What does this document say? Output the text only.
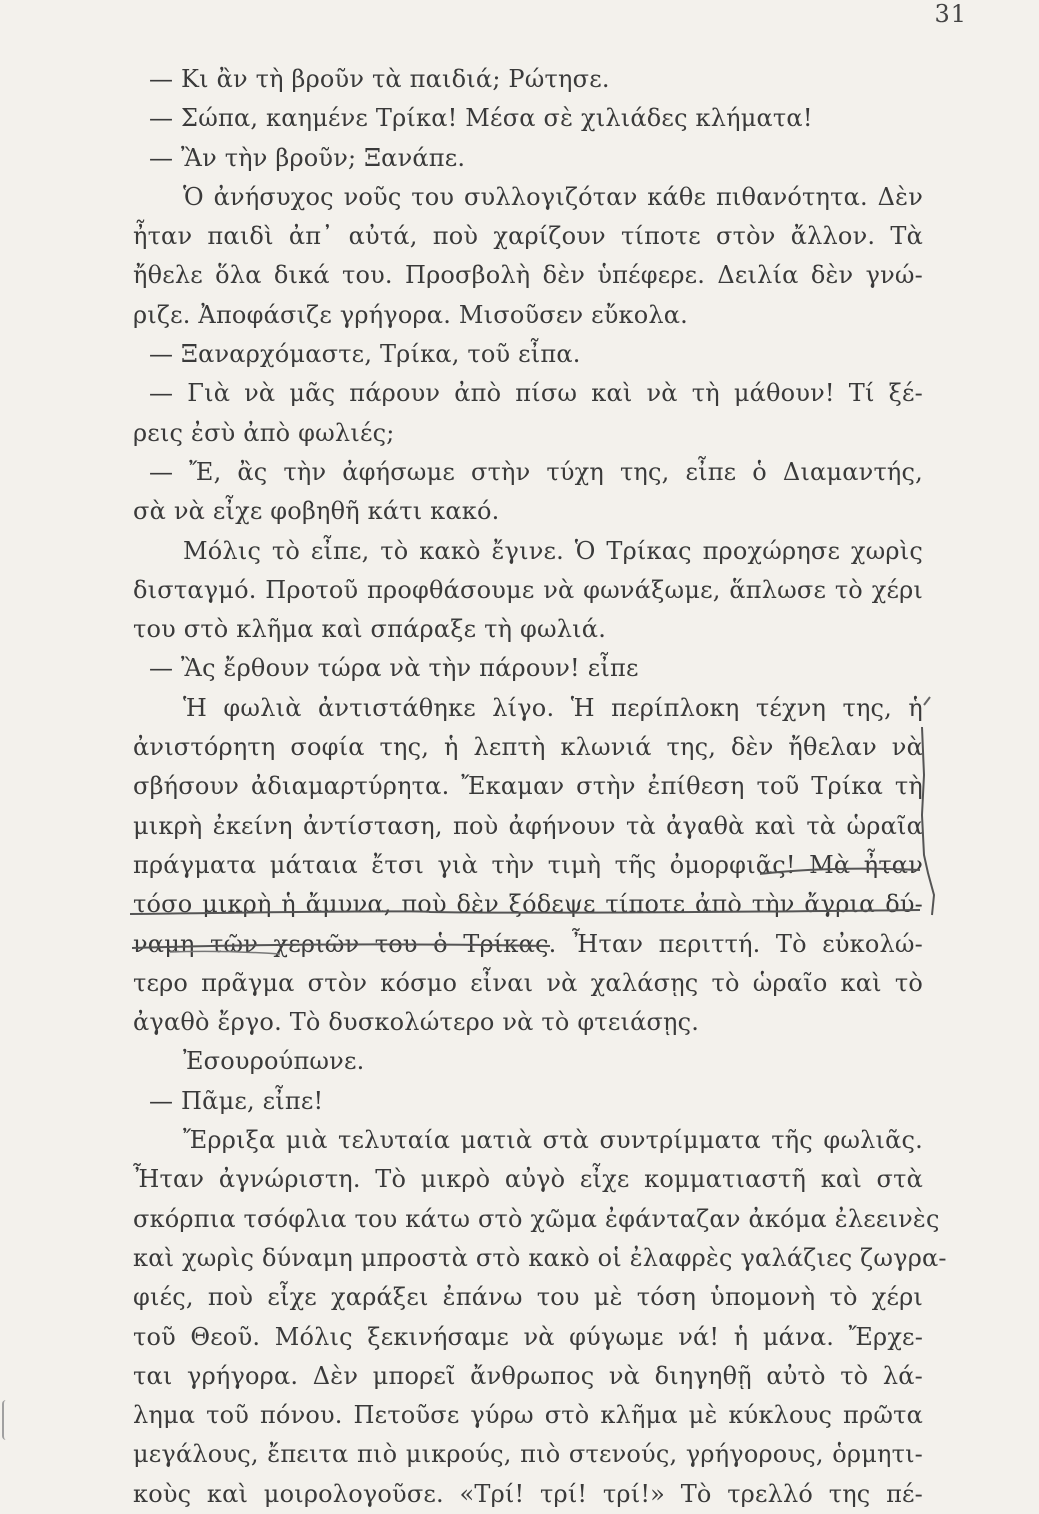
31
— Κι ἂν τὴ βροῦν τὰ παιδιά; Ρώτησε.
— Σώπα, καημένε Τρίκα! Μέσα σὲ χιλιάδες κλήματα!
— Ἂν τὴν βροῦν; Ξανάπε.
Ὁ ἀνήσυχος νοῦς του συλλογιζόταν κάθε πιθανότητα. Δὲν
ἦταν παιδὶ ἀπ᾽ αὐτά, ποὺ χαρίζουν τίποτε στὸν ἄλλον. Τὰ
ἤθελε ὅλα δικά του. Προσβολὴ δὲν ὑπέφερε. Δειλία δὲν γνώ-
ριζε. Ἀποφάσιζε γρήγορα. Μισοῦσεν εὔκολα.
— Ξαναρχόμαστε, Τρίκα, τοῦ εἶπα.
— Γιὰ νὰ μᾶς πάρουν ἀπὸ πίσω καὶ νὰ τὴ μάθουν! Τί ξέ-
ρεις ἐσὺ ἀπὸ φωλιές;
— Ἔ, ἂς τὴν ἀφήσωμε στὴν τύχη της, εἶπε ὁ Διαμαντής,
σὰ νὰ εἶχε φοβηθῆ κάτι κακό.
Μόλις τὸ εἶπε, τὸ κακὸ ἔγινε. Ὁ Τρίκας προχώρησε χωρὶς
δισταγμό. Προτοῦ προφθάσουμε νὰ φωνάξωμε, ἅπλωσε τὸ χέρι
του στὸ κλῆμα καὶ σπάραξε τὴ φωλιά.
— Ἂς ἔρθουν τώρα νὰ τὴν πάρουν! εἶπε
Ἡ φωλιὰ ἀντιστάθηκε λίγο. Ἡ περίπλοκη τέχνη της, ἡ
ἀνιστόρητη σοφία της, ἡ λεπτὴ κλωνιά της, δὲν ἤθελαν νὰ
σβήσουν ἀδιαμαρτύρητα. Ἔκαμαν στὴν ἐπίθεση τοῦ Τρίκα τὴ
μικρὴ ἐκείνη ἀντίσταση, ποὺ ἀφήνουν τὰ ἀγαθὰ καὶ τὰ ὡραῖα
πράγματα μάταια ἔτσι γιὰ τὴν τιμὴ τῆς ὀμορφιᾶς! Μὰ ἦταν
τόσο μικρὴ ἡ ἄμυνα, ποὺ δὲν ξόδεψε τίποτε ἀπὸ τὴν ἄγρια δύ-
ναμη τῶν χεριῶν του ὁ Τρίκας. Ἦταν περιττή. Τὸ εὐκολώ-
τερο πρᾶγμα στὸν κόσμο εἶναι νὰ χαλάσῃς τὸ ὡραῖο καὶ τὸ
ἀγαθὸ ἔργο. Τὸ δυσκολώτερο νὰ τὸ φτειάσῃς.
Ἐσουρούπωνε.
— Πᾶμε, εἶπε!
Ἔρριξα μιὰ τελυταία ματιὰ στὰ συντρίμματα τῆς φωλιᾶς.
Ἦταν ἀγνώριστη. Τὸ μικρὸ αὐγὸ εἶχε κομματιαστῆ καὶ στὰ
σκόρπια τσόφλια του κάτω στὸ χῶμα ἐφάνταζαν ἀκόμα ἐλεεινὲς
καὶ χωρὶς δύναμη μπροστὰ στὸ κακὸ οἱ ἐλαφρὲς γαλάζιες ζωγρα-
φιές, ποὺ εἶχε χαράξει ἐπάνω του μὲ τόση ὑπομονὴ τὸ χέρι
τοῦ Θεοῦ. Μόλις ξεκινήσαμε νὰ φύγωμε νά! ἡ μάνα. Ἔρχε-
ται γρήγορα. Δὲν μπορεῖ ἄνθρωπος νὰ διηγηθῇ αὐτὸ τὸ λά-
λημα τοῦ πόνου. Πετοῦσε γύρω στὸ κλῆμα μὲ κύκλους πρῶτα
μεγάλους, ἔπειτα πιὸ μικρούς, πιὸ στενούς, γρήγορους, ὁρμητι-
κοὺς καὶ μοιρολογοῦσε. «Τρί! τρί! τρί!» Τὸ τρελλό της πέ-
